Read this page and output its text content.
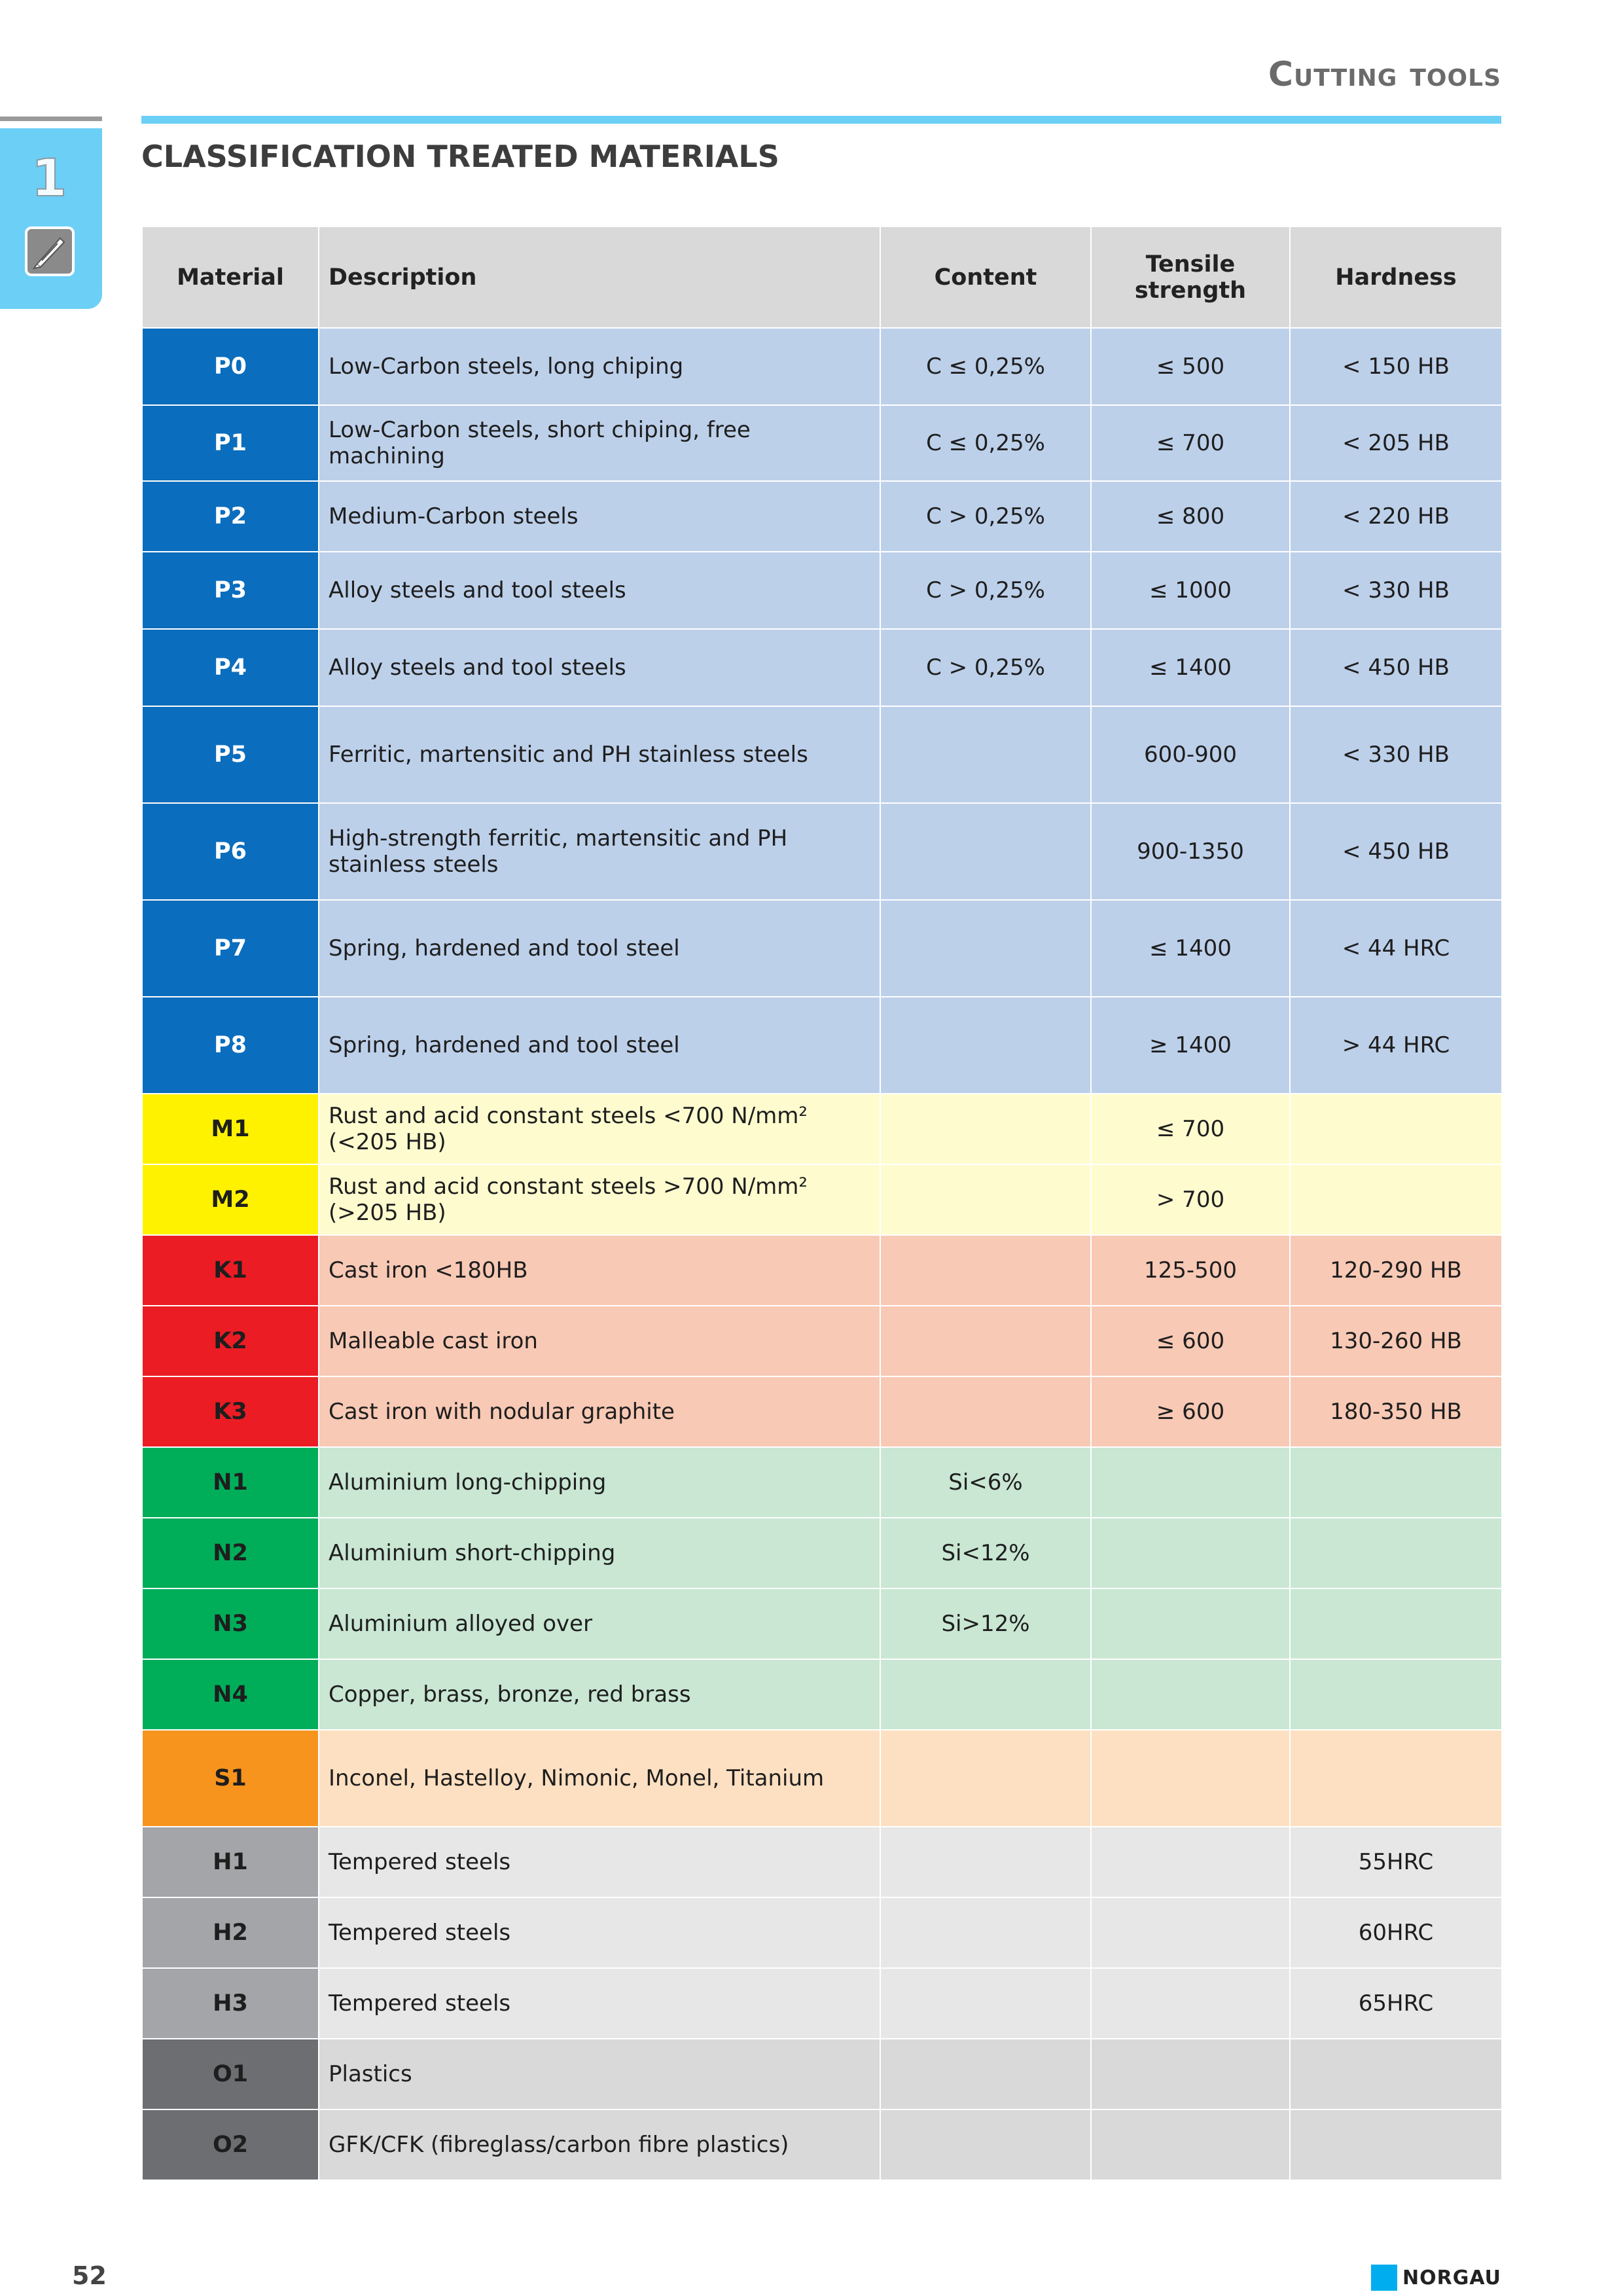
Cutting tools
1 CLASSIFICATION TREATED MATERIALS
Material	Description	Content	Tensile strength	Hardness
P0	Low-Carbon steels, long chiping	C ≤ 0,25%	≤ 500	< 150 HB
P1	Low-Carbon steels, short chiping, free machining	C ≤ 0,25%	≤ 700	< 205 HB
P2	Medium-Carbon steels	C > 0,25%	≤ 800	< 220 HB
P3	Alloy steels and tool steels	C > 0,25%	≤ 1000	< 330 HB
P4	Alloy steels and tool steels	C > 0,25%	≤ 1400	< 450 HB
P5	Ferritic, martensitic and PH stainless steels		600-900	< 330 HB
P6	High-strength ferritic, martensitic and PH stainless steels		900-1350	< 450 HB
P7	Spring, hardened and tool steel		≤ 1400	< 44 HRC
P8	Spring, hardened and tool steel		≥ 1400	> 44 HRC
M1	Rust and acid constant steels <700 N/mm² (<205 HB)		≤ 700	
M2	Rust and acid constant steels >700 N/mm² (>205 HB)		> 700	
K1	Cast iron <180HB		125-500	120-290 HB
K2	Malleable cast iron		≤ 600	130-260 HB
K3	Cast iron with nodular graphite		≥ 600	180-350 HB
N1	Aluminium long-chipping	Si<6%		
N2	Aluminium short-chipping	Si<12%		
N3	Aluminium alloyed over	Si>12%		
N4	Copper, brass, bronze, red brass			
S1	Inconel, Hastelloy, Nimonic, Monel, Titanium			
H1	Tempered steels			55HRC
H2	Tempered steels			60HRC
H3	Tempered steels			65HRC
O1	Plastics			
O2	GFK/CFK (fibreglass/carbon fibre plastics)			
52	NORGAU
